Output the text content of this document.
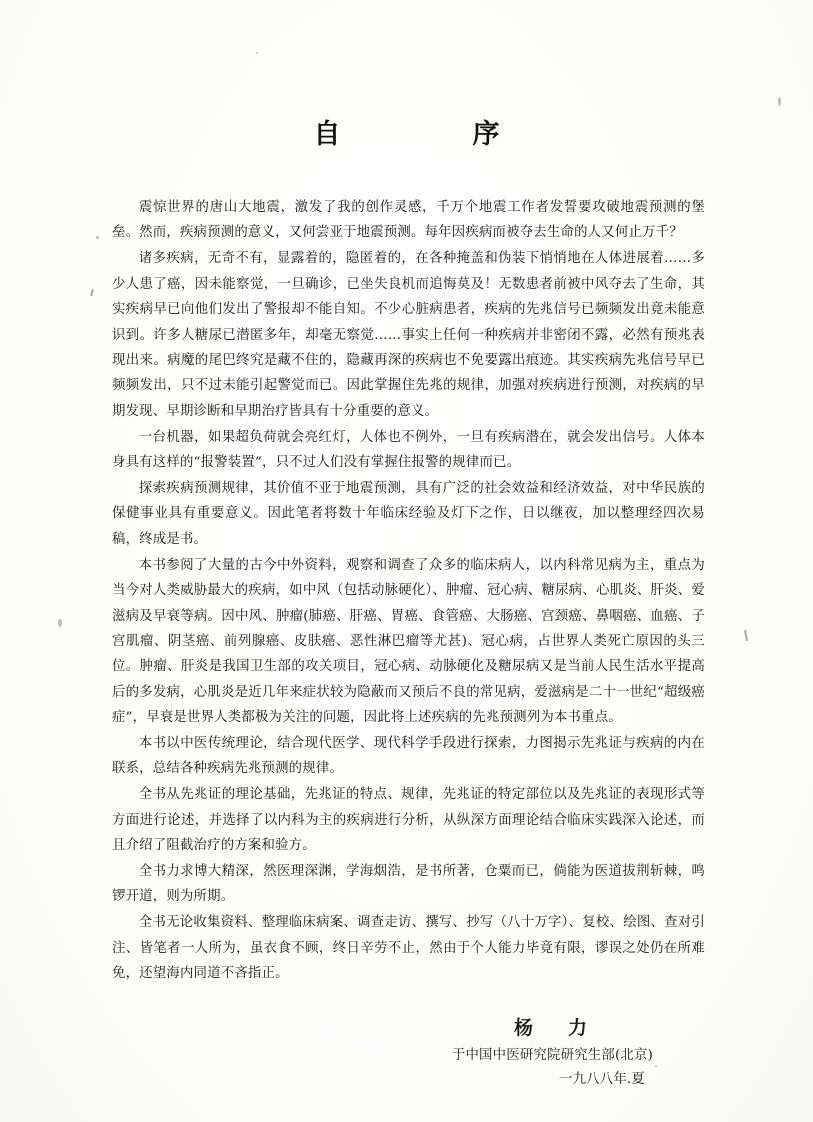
自　　序

震惊世界的唐山大地震，激发了我的创作灵感，千万个地震工作者发誓要攻破地震预测的堡垒。然而，疾病预测的意义，又何尝亚于地震预测。每年因疾病而被夺去生命的人又何止万千？

诸多疾病，无奇不有，显露着的，隐匿着的，在各种掩盖和伪装下悄悄地在人体进展着……多少人患了癌，因未能察觉，一旦确诊，已坐失良机而追悔莫及！无数患者前被中风夺去了生命，其实疾病早已向他们发出了警报却不能自知。不少心脏病患者，疾病的先兆信号已频频发出竟未能意识到。许多人糖尿已潜匿多年，却毫无察觉……事实上任何一种疾病并非密闭不露，必然有预兆表现出来。病魔的尾巴终究是藏不住的，隐藏再深的疾病也不免要露出痕迹。其实疾病先兆信号早已频频发出，只不过未能引起警觉而已。因此掌握住先兆的规律，加强对疾病进行预测，对疾病的早期发现、早期诊断和早期治疗皆具有十分重要的意义。

一台机器，如果超负荷就会亮红灯，人体也不例外，一旦有疾病潜在，就会发出信号。人体本身具有这样的“报警装置”，只不过人们没有掌握住报警的规律而已。

探索疾病预测规律，其价值不亚于地震预测，具有广泛的社会效益和经济效益，对中华民族的保健事业具有重要意义。因此笔者将数十年临床经验及灯下之作，日以继夜，加以整理经四次易稿，终成是书。

本书参阅了大量的古今中外资料，观察和调查了众多的临床病人，以内科常见病为主，重点为当今对人类威胁最大的疾病，如中风（包括动脉硬化）、肿瘤、冠心病、糖尿病、心肌炎、肝炎、爱滋病及早衰等病。因中风、肿瘤(肺癌、肝癌、胃癌、食管癌、大肠癌、宫颈癌、鼻咽癌、血癌、子宫肌瘤、阴茎癌、前列腺癌、皮肤癌、恶性淋巴瘤等尤甚)、冠心病，占世界人类死亡原因的头三位。肿瘤、肝炎是我国卫生部的攻关项目，冠心病、动脉硬化及糖尿病又是当前人民生活水平提高后的多发病，心肌炎是近几年来症状较为隐蔽而又预后不良的常见病，爱滋病是二十一世纪“超级癌症”，早衰是世界人类都极为关注的问题，因此将上述疾病的先兆预测列为本书重点。

本书以中医传统理论，结合现代医学、现代科学手段进行探索，力图揭示先兆证与疾病的内在联系，总结各种疾病先兆预测的规律。

全书从先兆证的理论基础，先兆证的特点、规律，先兆证的特定部位以及先兆证的表现形式等方面进行论述，并选择了以内科为主的疾病进行分析，从纵深方面理论结合临床实践深入论述，而且介绍了阻截治疗的方案和验方。

全书力求博大精深，然医理深渊，学海烟浩，是书所著，仓粟而已，倘能为医道拔荆斩棘，鸣锣开道，则为所期。

全书无论收集资料、整理临床病案、调查走访、撰写、抄写（八十万字）、复校、绘图、查对引注、皆笔者一人所为，虽衣食不顾，终日辛劳不止，然由于个人能力毕竟有限，谬误之处仍在所难免，还望海内同道不吝指正。

杨　力
于中国中医研究院研究生部(北京)
一九八八年.夏
